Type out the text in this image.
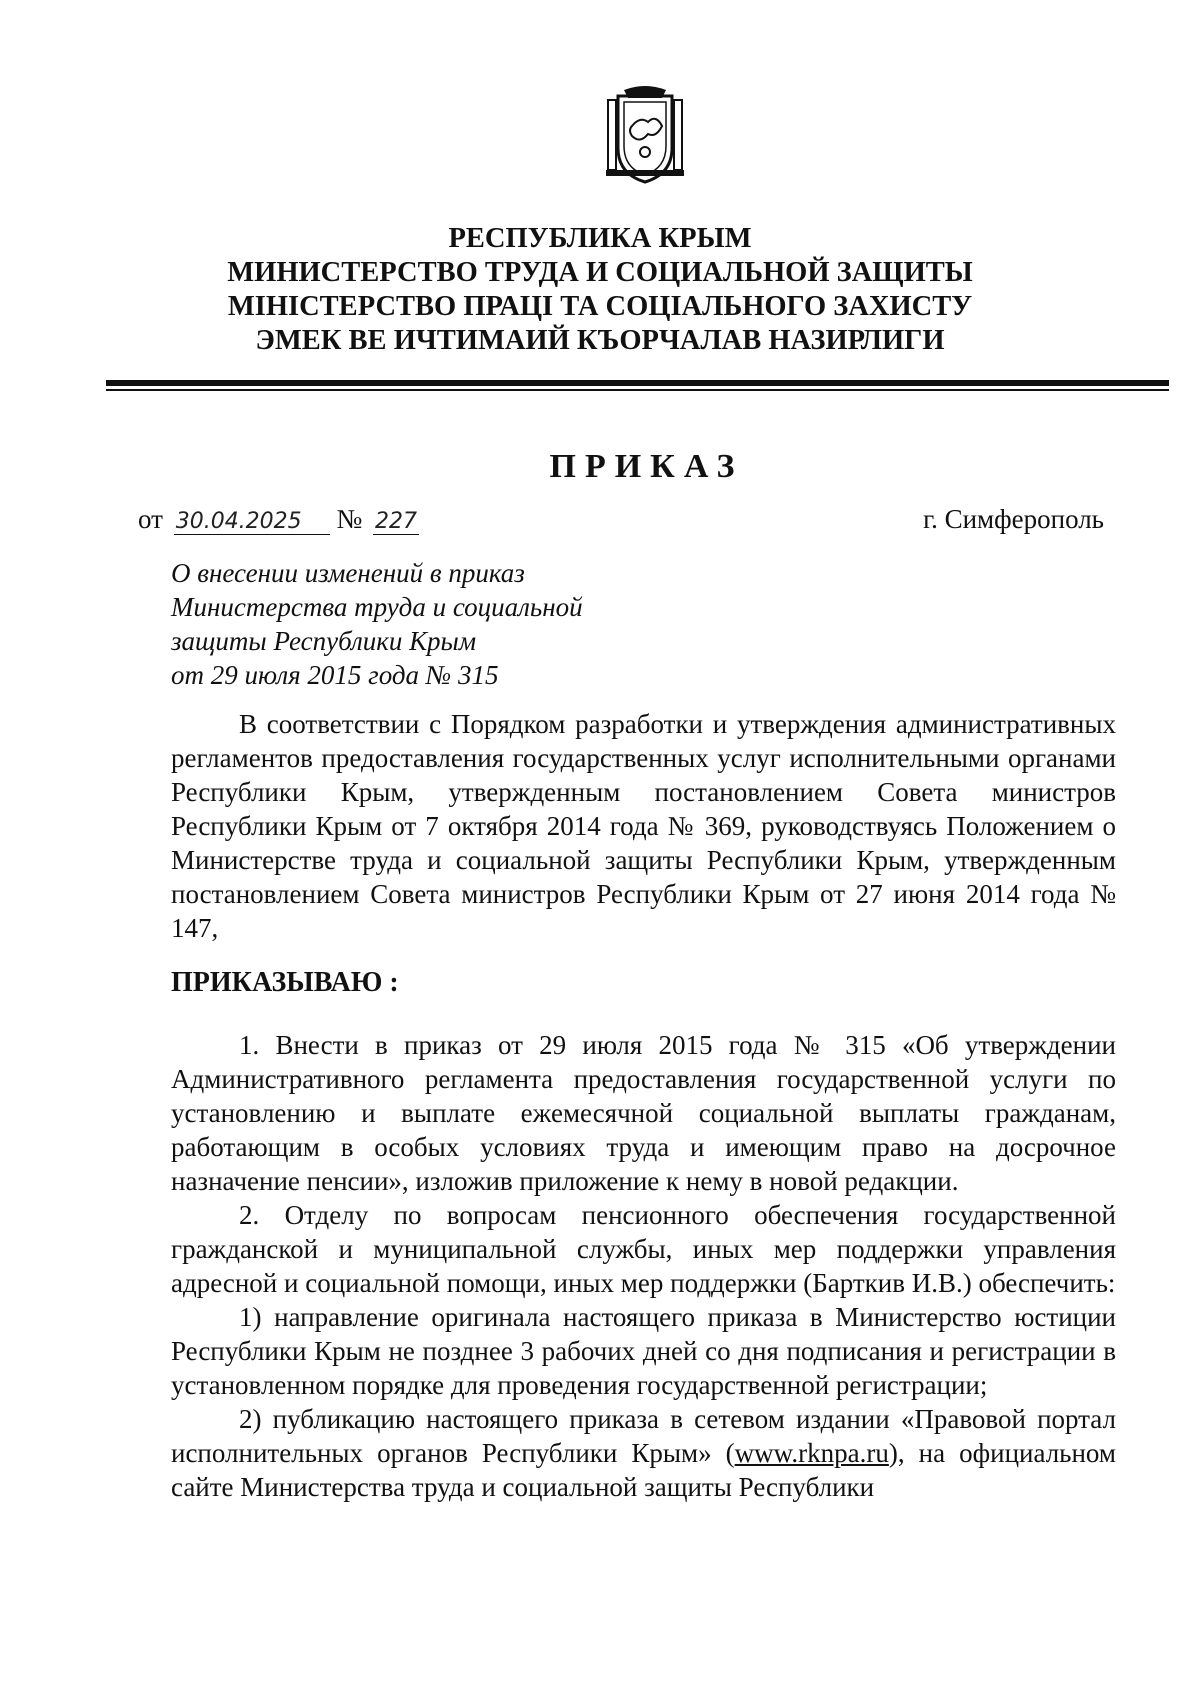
РЕСПУБЛИКА КРЫМ
МИНИСТЕРСТВО ТРУДА И СОЦИАЛЬНОЙ ЗАЩИТЫ
МІНІСТЕРСТВО ПРАЦІ ТА СОЦІАЛЬНОГО ЗАХИСТУ
ЭМЕК ВЕ ИЧТИМАИЙ КЪОРЧАЛАВ НАЗИРЛИГИ
ПРИКАЗ
от 30.04.2025 № 227	г. Симферополь
О внесении изменений в приказ
Министерства труда и социальной
защиты Республики Крым
от 29 июля 2015 года № 315
В соответствии с Порядком разработки и утверждения административных регламентов предоставления государственных услуг исполнительными органами Республики Крым, утвержденным постановлением Совета министров Республики Крым от 7 октября 2014 года № 369, руководствуясь Положением о Министерстве труда и социальной защиты Республики Крым, утвержденным постановлением Совета министров Республики Крым от 27 июня 2014 года № 147,
ПРИКАЗЫВАЮ :
1. Внести в приказ от 29 июля 2015 года № 315 «Об утверждении Административного регламента предоставления государственной услуги по установлению и выплате ежемесячной социальной выплаты гражданам, работающим в особых условиях труда и имеющим право на досрочное назначение пенсии», изложив приложение к нему в новой редакции.
2. Отделу по вопросам пенсионного обеспечения государственной гражданской и муниципальной службы, иных мер поддержки управления адресной и социальной помощи, иных мер поддержки (Барткив И.В.) обеспечить:
1) направление оригинала настоящего приказа в Министерство юстиции Республики Крым не позднее 3 рабочих дней со дня подписания и регистрации в установленном порядке для проведения государственной регистрации;
2) публикацию настоящего приказа в сетевом издании «Правовой портал исполнительных органов Республики Крым» (www.rknpa.ru), на официальном сайте Министерства труда и социальной защиты Республики
